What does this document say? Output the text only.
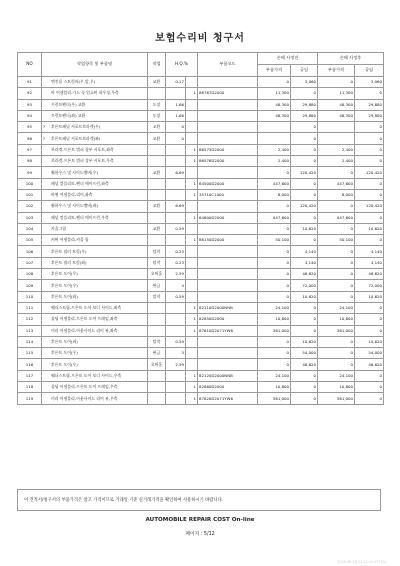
보험수리비 청구서
NO	작업항목 및 부품명	작업	H.Q.%		부품코드	손해 사정전		손해 사정후	
						부품가격	공임	부품가격	공임
91	엔진룸 스트럿바(우,앞,우)	교환	0.17			0	3,060	0	3,060
92	바 어셈블리-가드 속 업쇼버 하우징,우측			1	86767D2000	11,300	0	11,300	0
93	프런트펜더(우) 교환	도장	1.66			48,300	29,880	48,300	29,880
94	프런트펜더(좌) 교환	도장	1.66			48,300	29,880	48,300	29,880
95	? 후론트패널 서포트브라켓(우)	교환	0				0		0
96	? 후론트패널 서포트브라켓(좌)	교환	0				0		0
97	브라켓-프론트 범퍼 상부 서포트,좌측			1	86575D2000	2,400	0	2,400	0
98	브라켓-프론트 범퍼 상부 서포트,우측			1	86576D2000	2,400	0	2,400	0
99	휠하우스 및 사이드멤버(우)	교환	6.69			0	120,420	0	120,420
100	패널 컴플리트-펜더 에이프런,좌측			1	64500D2000	447,600	0	447,600	0
101	바퀴 어셈블리-리어,좌측			1	35710C1000	8,000	0	8,000	0
102	휠하우스 및 사이드멤버(좌)	교환	6.69			0	120,420	0	120,420
103	패널 컴플리트-펜더 에이프런,우측			1	64600D2000	447,600	0	447,600	0
104	카울그릴	교환	0.59			0	10,620	0	10,620
105	커버 어셈블리-카울 톱			1	86150D2000	50,100	0	50,100	0
106	후론트 필러 트림(우)	탈착	0.23			0	4,140	0	4,140
107	후론트 필러 트림(좌)	탈착	0.23			0	4,140	0	4,140
108	후론트 도어(우)	오버홀	2.59			0	46,620	0	46,620
109	후론트 도어(우)	판금	4			0	72,000	0	72,000
110	후론트 도어(좌)	탈착	0.59			0	10,620	0	10,620
111	웨더스트립-프론트 도어 보디 사이드,좌측			1	82110D2000NNB	24,100	0	24,100	0
112	몰딩 어셈블리-프론트 도어 프레임,좌측			1	82850D2000	10,800	0	10,800	0
113	미러 어셈블리-아웃사이드 리어 뷰,좌측			1	87610D2071YW6	361,000	0	361,000	0
114	후론트 도어(좌)	탈착	0.59			0	10,620	0	10,620
115	후론트 도어(우)	판금	3			0	54,000	0	54,000
116	후론트 도어(우)	오버홀	2.59			0	46,620	0	46,620
117	웨더스트립-프론트 도어 보디 사이드,우측			1	82120D2000NNB	24,100	0	24,100	0
118	몰딩 어셈블리-프론트 도어 프레임,우측			1	82860D2000	10,800	0	10,800	0
119	미러 어셈블리-아웃사이드 리어 뷰,우측			1	87620D2071YW6	361,000	0	361,000	0
이 견적서/청구서의 부품가격은 참고 가격이므로 거래일 기준 실거래가격을 확인하여 사용하시기 바랍니다.
AUTOMOBILE REPAIR COST On-line
페이지 : 5/12
2020-05-18 11:12:14,077(G)
